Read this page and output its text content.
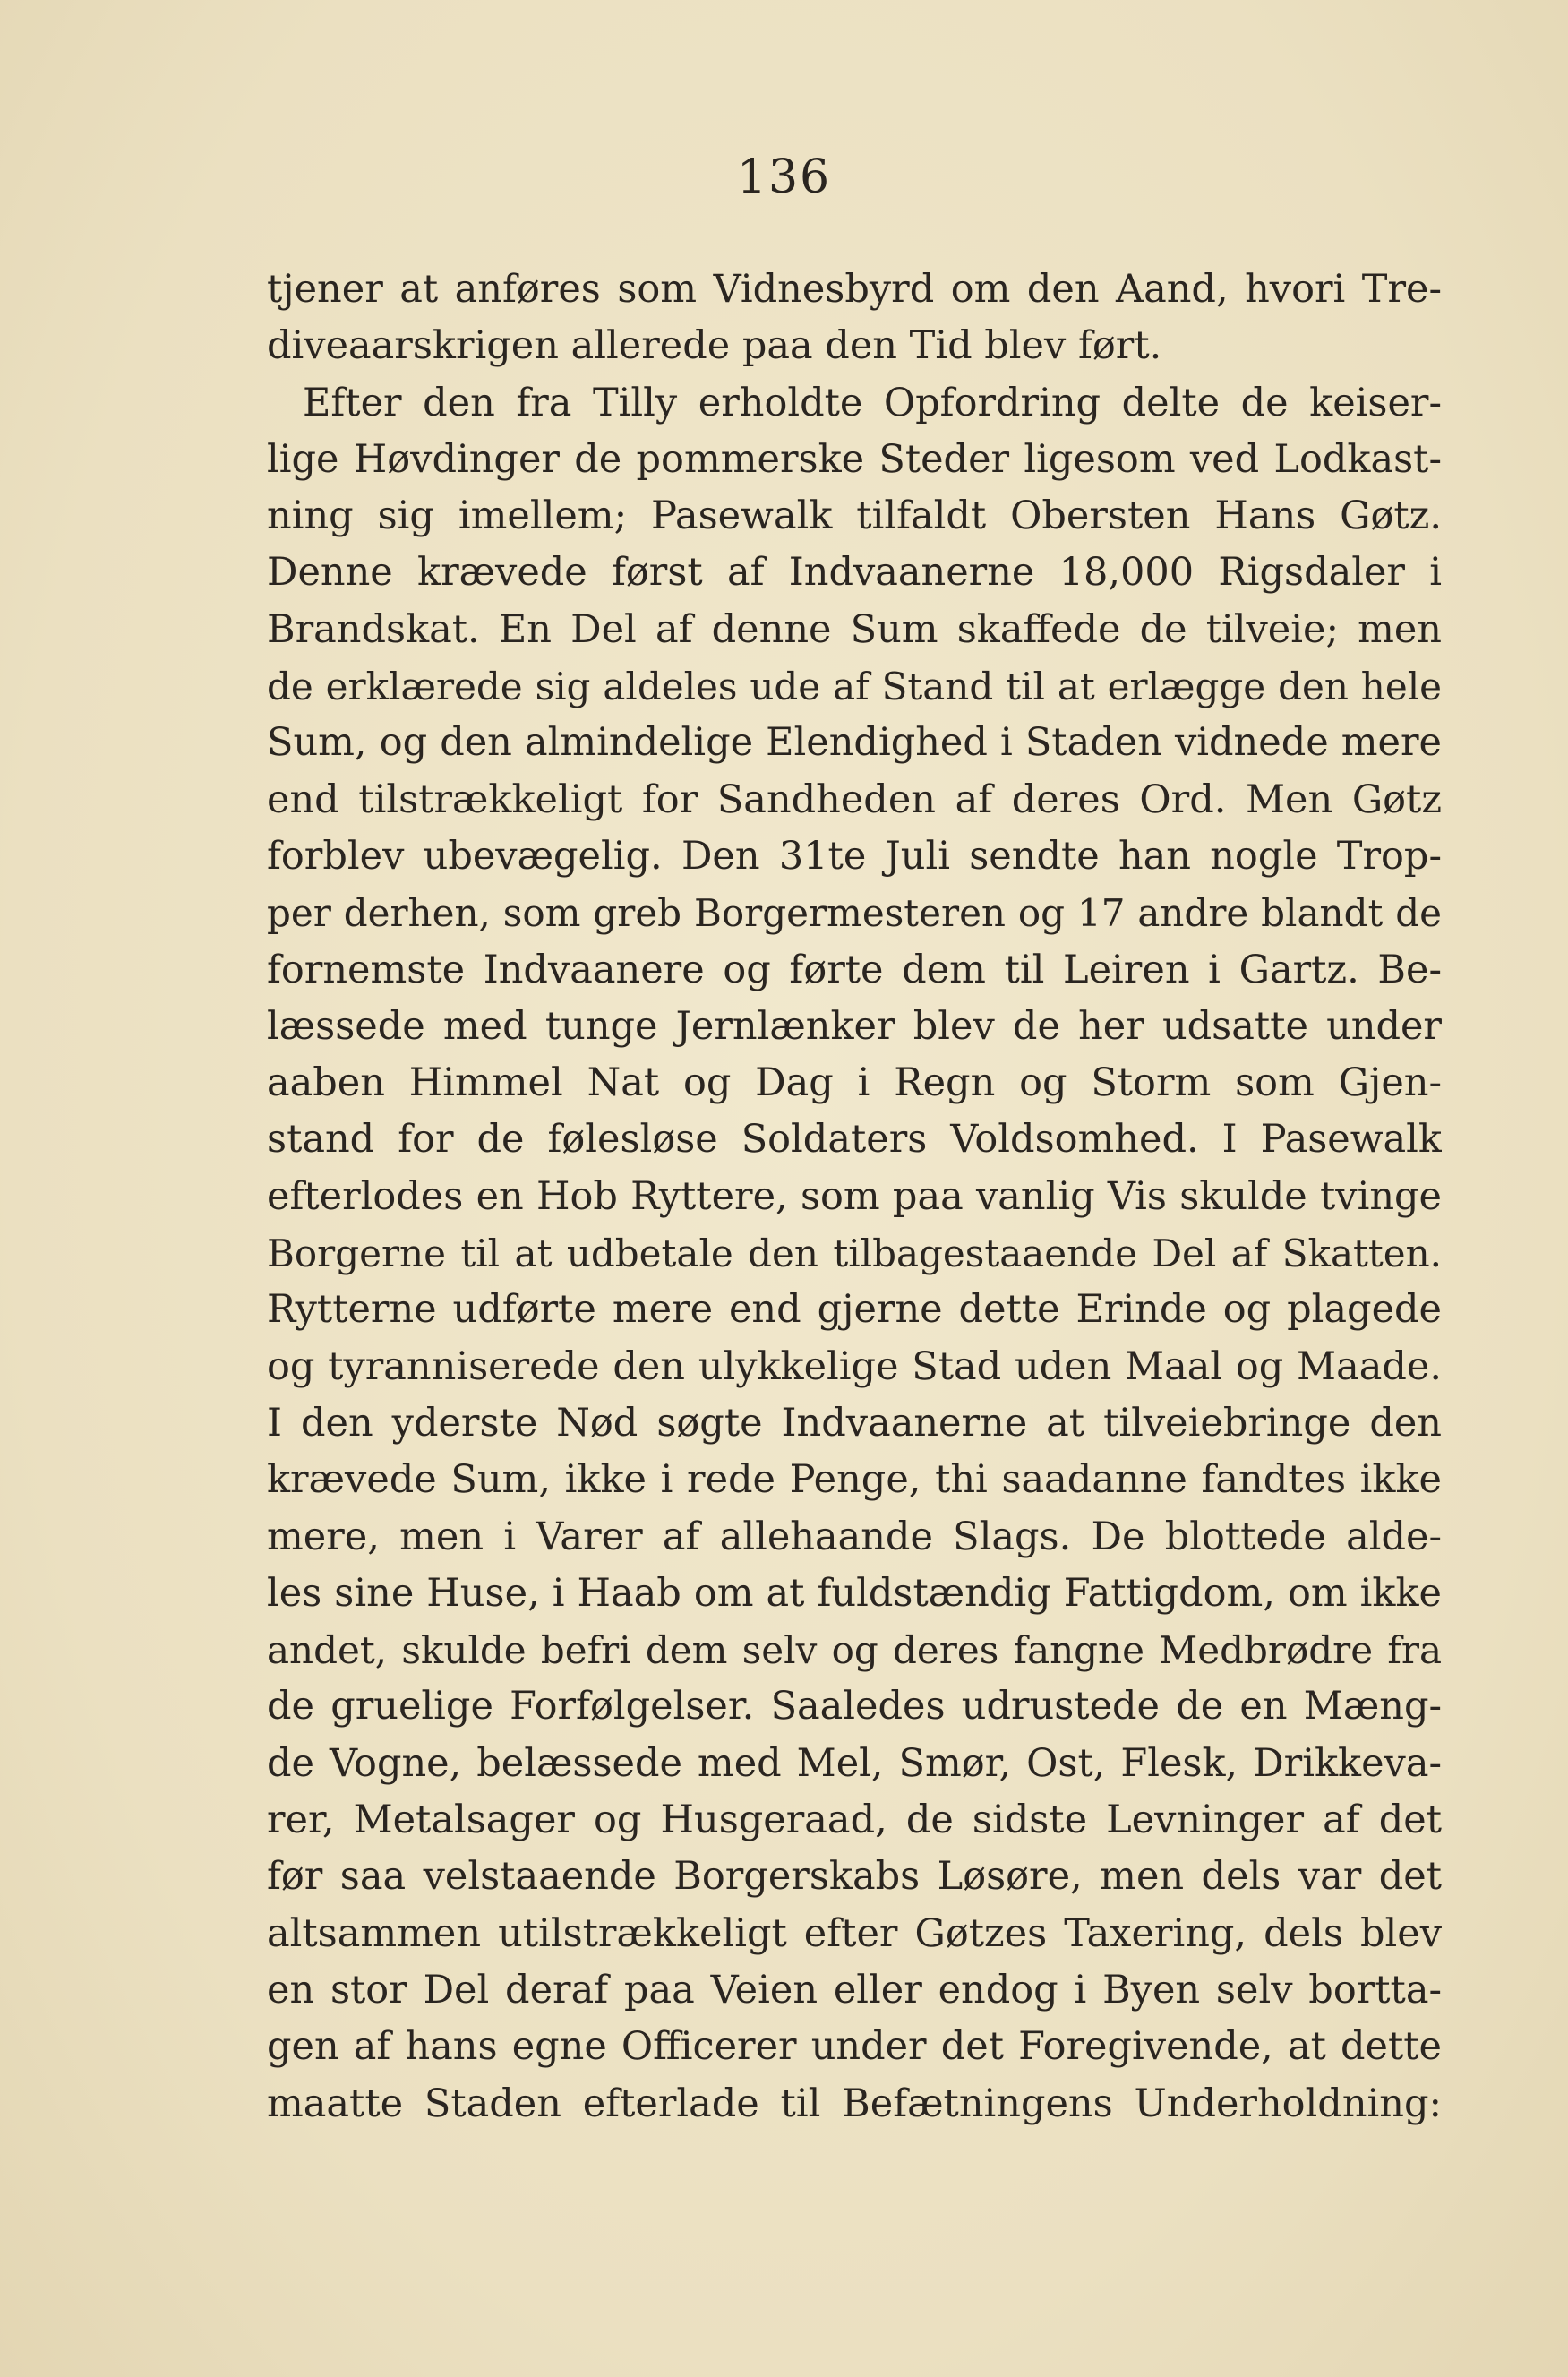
136
tjener at anføres som Vidnesbyrd om den Aand, hvori Tre-
diveaarskrigen allerede paa den Tid blev ført.
Efter den fra Tilly erholdte Opfordring delte de keiser-
lige Høvdinger de pommerske Steder ligesom ved Lodkast-
ning sig imellem; Pasewalk tilfaldt Obersten Hans Gøtz.
Denne krævede først af Indvaanerne 18,000 Rigsdaler i
Brandskat. En Del af denne Sum skaffede de tilveie; men
de erklærede sig aldeles ude af Stand til at erlægge den hele
Sum, og den almindelige Elendighed i Staden vidnede mere
end tilstrækkeligt for Sandheden af deres Ord. Men Gøtz
forblev ubevægelig. Den 31te Juli sendte han nogle Trop-
per derhen, som greb Borgermesteren og 17 andre blandt de
fornemste Indvaanere og førte dem til Leiren i Gartz. Be-
læssede med tunge Jernlænker blev de her udsatte under
aaben Himmel Nat og Dag i Regn og Storm som Gjen-
stand for de følesløse Soldaters Voldsomhed. I Pasewalk
efterlodes en Hob Ryttere, som paa vanlig Vis skulde tvinge
Borgerne til at udbetale den tilbagestaaende Del af Skatten.
Rytterne udførte mere end gjerne dette Erinde og plagede
og tyranniserede den ulykkelige Stad uden Maal og Maade.
I den yderste Nød søgte Indvaanerne at tilveiebringe den
krævede Sum, ikke i rede Penge, thi saadanne fandtes ikke
mere, men i Varer af allehaande Slags. De blottede alde-
les sine Huse, i Haab om at fuldstændig Fattigdom, om ikke
andet, skulde befri dem selv og deres fangne Medbrødre fra
de gruelige Forfølgelser. Saaledes udrustede de en Mæng-
de Vogne, belæssede med Mel, Smør, Ost, Flesk, Drikkeva-
rer, Metalsager og Husgeraad, de sidste Levninger af det
før saa velstaaende Borgerskabs Løsøre, men dels var det
altsammen utilstrækkeligt efter Gøtzes Taxering, dels blev
en stor Del deraf paa Veien eller endog i Byen selv bortta-
gen af hans egne Officerer under det Foregivende, at dette
maatte Staden efterlade til Befætningens Underholdning:
